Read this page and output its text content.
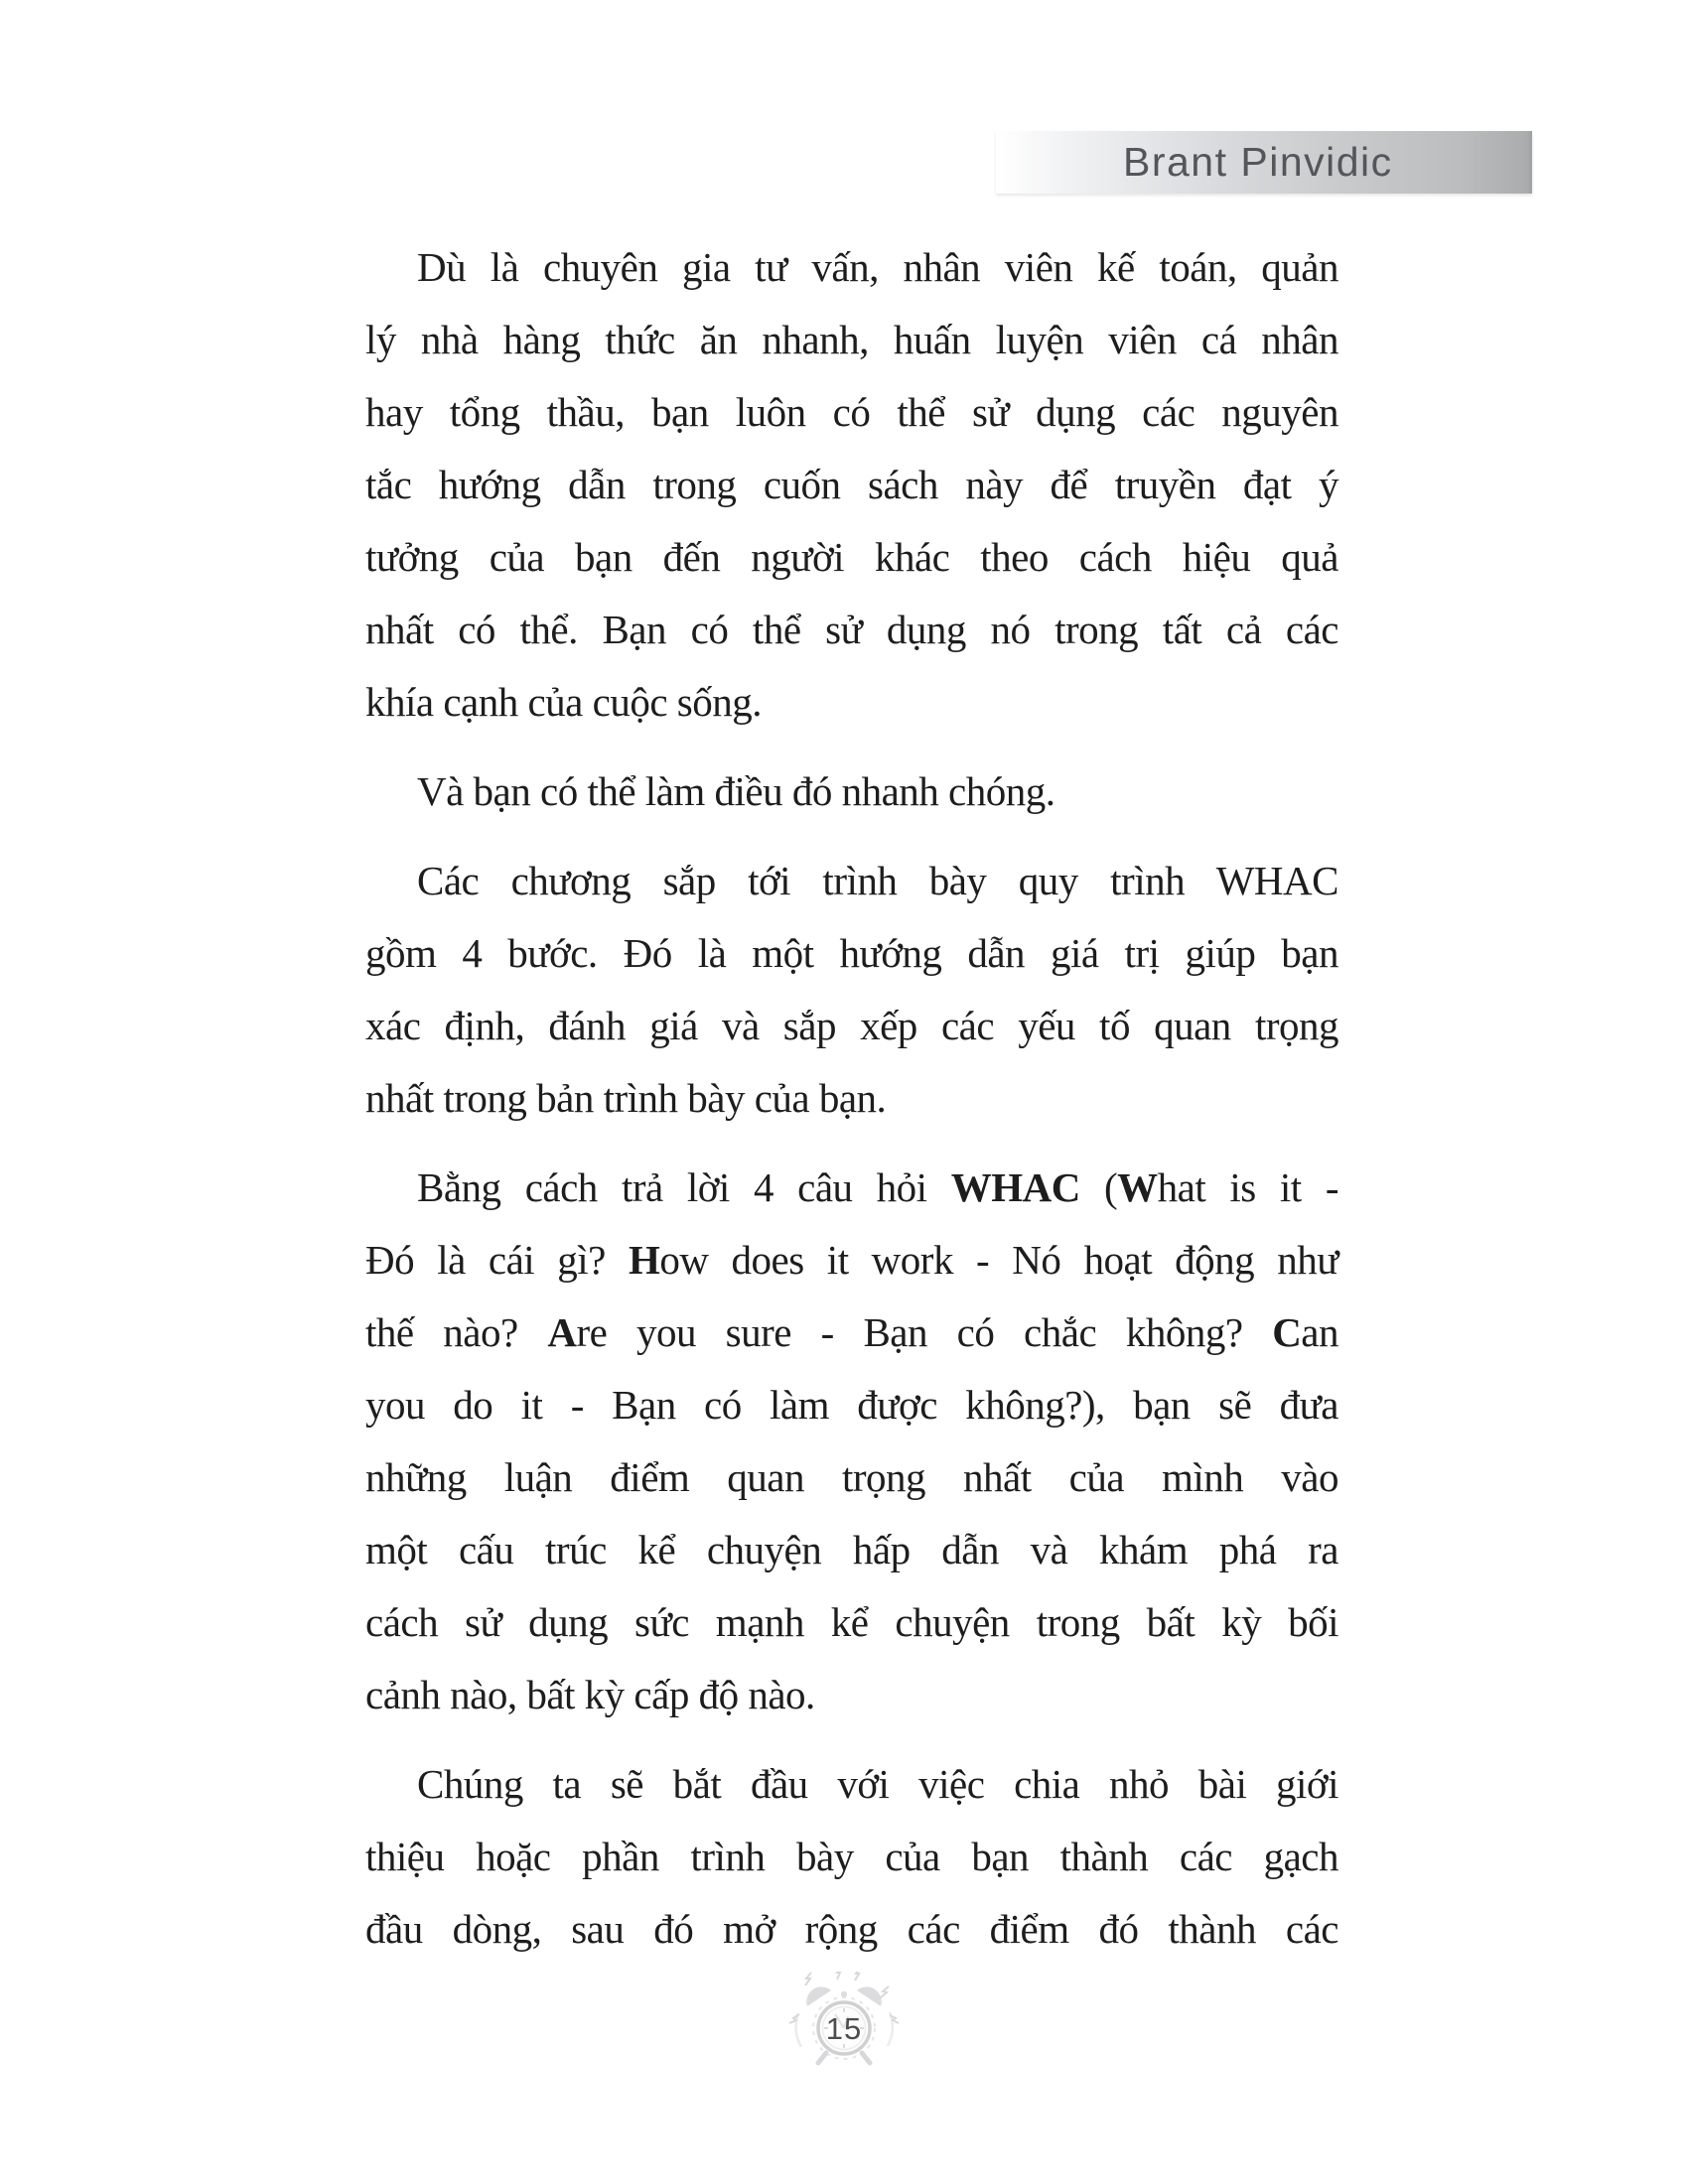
Brant Pinvidic
Dù là chuyên gia tư vấn, nhân viên kế toán, quản
lý nhà hàng thức ăn nhanh, huấn luyện viên cá nhân
hay tổng thầu, bạn luôn có thể sử dụng các nguyên
tắc hướng dẫn trong cuốn sách này để truyền đạt ý
tưởng của bạn đến người khác theo cách hiệu quả
nhất có thể. Bạn có thể sử dụng nó trong tất cả các
khía cạnh của cuộc sống.
Và bạn có thể làm điều đó nhanh chóng.
Các chương sắp tới trình bày quy trình WHAC
gồm 4 bước. Đó là một hướng dẫn giá trị giúp bạn
xác định, đánh giá và sắp xếp các yếu tố quan trọng
nhất trong bản trình bày của bạn.
Bằng cách trả lời 4 câu hỏi WHAC (What is it -
Đó là cái gì? How does it work - Nó hoạt động như
thế nào? Are you sure - Bạn có chắc không? Can
you do it - Bạn có làm được không?), bạn sẽ đưa
những luận điểm quan trọng nhất của mình vào
một cấu trúc kể chuyện hấp dẫn và khám phá ra
cách sử dụng sức mạnh kể chuyện trong bất kỳ bối
cảnh nào, bất kỳ cấp độ nào.
Chúng ta sẽ bắt đầu với việc chia nhỏ bài giới
thiệu hoặc phần trình bày của bạn thành các gạch
đầu dòng, sau đó mở rộng các điểm đó thành các
15
